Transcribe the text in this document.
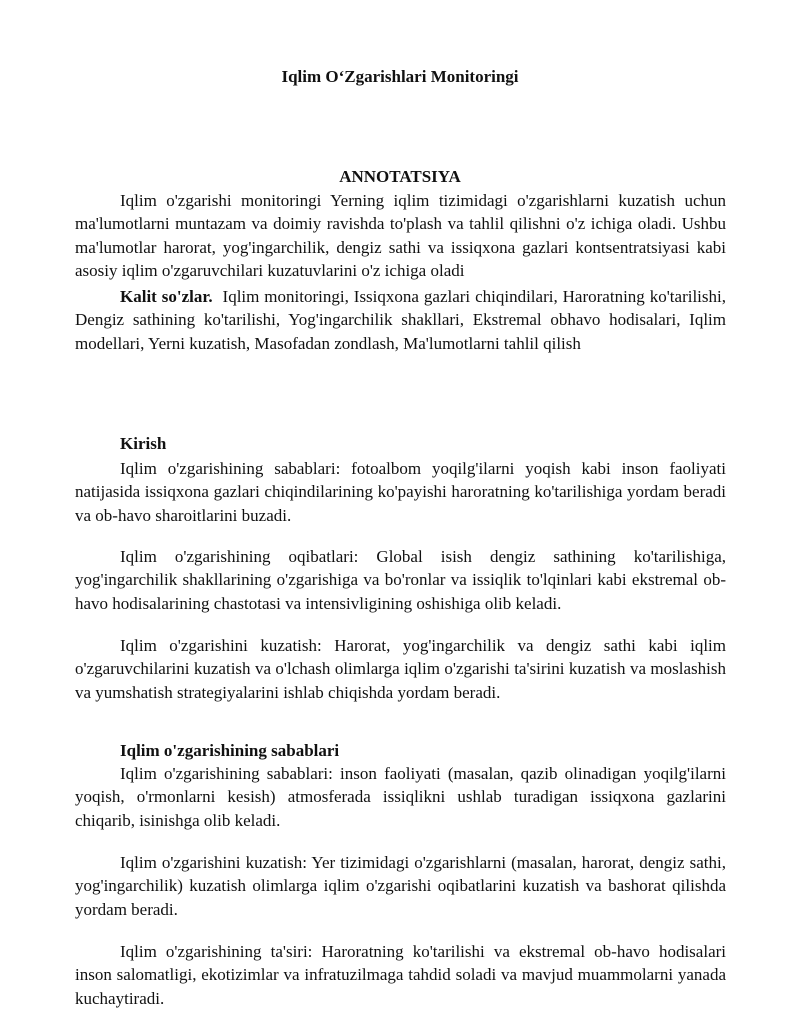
Iqlim O‘Zgarishlari Monitoringi
ANNOTATSIYA

Iqlim o'zgarishi monitoringi Yerning iqlim tizimidagi o'zgarishlarni kuzatish uchun ma'lumotlarni muntazam va doimiy ravishda to'plash va tahlil qilishni o'z ichiga oladi. Ushbu ma'lumotlar harorat, yog'ingarchilik, dengiz sathi va issiqxona gazlari kontsentratsiyasi kabi asosiy iqlim o'zgaruvchilari kuzatuvlarini o'z ichiga oladi

Kalit so'zlar. Iqlim monitoringi, Issiqxona gazlari chiqindilari, Haroratning ko'tarilishi, Dengiz sathining ko'tarilishi, Yog'ingarchilik shakllari, Ekstremal obhavo hodisalari, Iqlim modellari, Yerni kuzatish, Masofadan zondlash, Ma'lumotlarni tahlil qilish

Kirish

Iqlim o'zgarishining sabablari: fotoalbom yoqilg'ilarni yoqish kabi inson faoliyati natijasida issiqxona gazlari chiqindilarining ko'payishi haroratning ko'tarilishiga yordam beradi va ob-havo sharoitlarini buzadi.

Iqlim o'zgarishining oqibatlari: Global isish dengiz sathining ko'tarilishiga, yog'ingarchilik shakllarining o'zgarishiga va bo'ronlar va issiqlik to'lqinlari kabi ekstremal ob-havo hodisalarining chastotasi va intensivligining oshishiga olib keladi.

Iqlim o'zgarishini kuzatish: Harorat, yog'ingarchilik va dengiz sathi kabi iqlim o'zgaruvchilarini kuzatish va o'lchash olimlarga iqlim o'zgarishi ta'sirini kuzatish va moslashish va yumshatish strategiyalarini ishlab chiqishda yordam beradi.

Iqlim o'zgarishining sabablari

Iqlim o'zgarishining sabablari: inson faoliyati (masalan, qazib olinadigan yoqilg'ilarni yoqish, o'rmonlarni kesish) atmosferada issiqlikni ushlab turadigan issiqxona gazlarini chiqarib, isinishga olib keladi.

Iqlim o'zgarishini kuzatish: Yer tizimidagi o'zgarishlarni (masalan, harorat, dengiz sathi, yog'ingarchilik) kuzatish olimlarga iqlim o'zgarishi oqibatlarini kuzatish va bashorat qilishda yordam beradi.

Iqlim o'zgarishining ta'siri: Haroratning ko'tarilishi va ekstremal ob-havo hodisalari inson salomatligi, ekotizimlar va infratuzilmaga tahdid soladi va mavjud muammolarni yanada kuchaytiradi.
